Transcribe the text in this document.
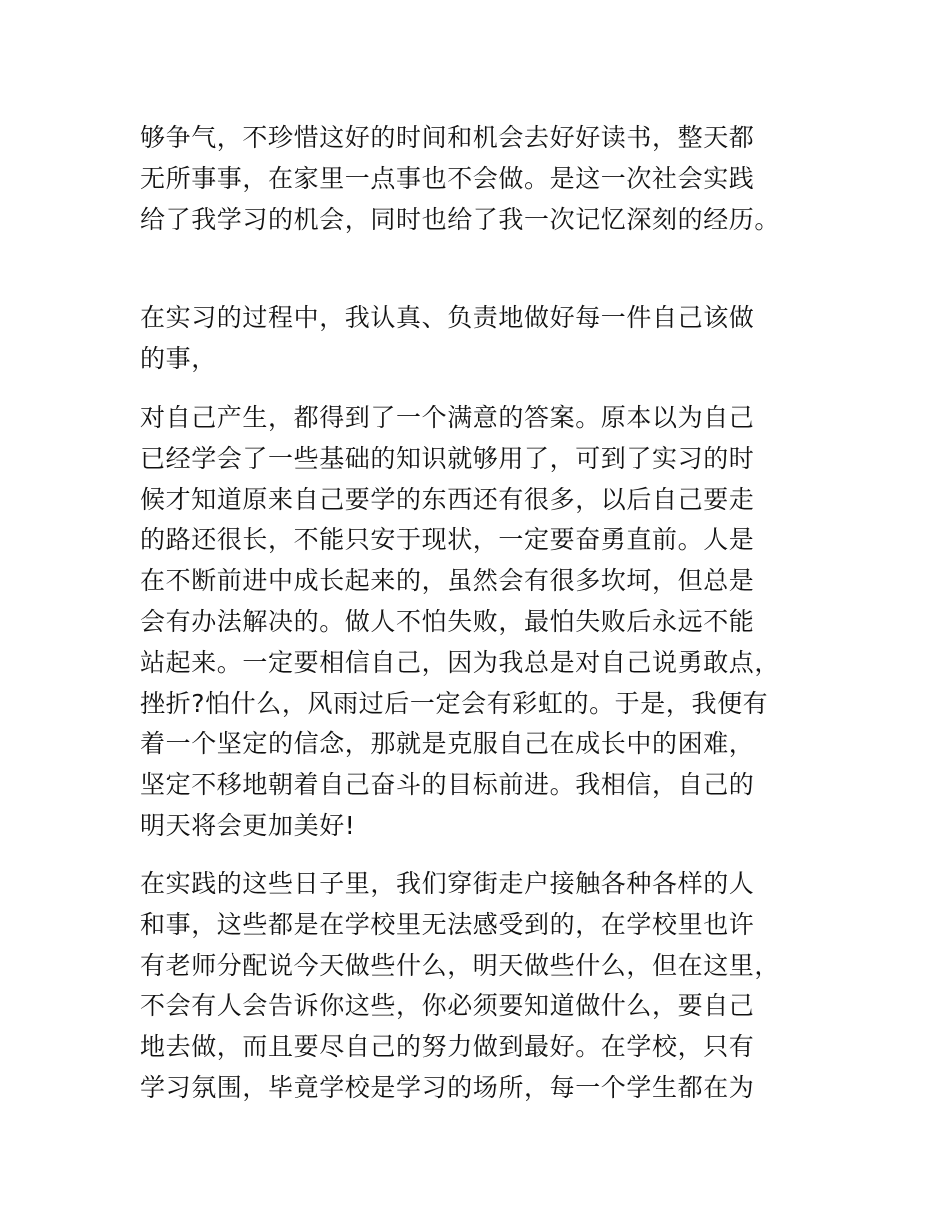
够争气，不珍惜这好的时间和机会去好好读书，整天都
无所事事，在家里一点事也不会做。是这一次社会实践
给了我学习的机会，同时也给了我一次记忆深刻的经历。
在实习的过程中，我认真、负责地做好每一件自己该做
的事，
对自己产生，都得到了一个满意的答案。原本以为自己
已经学会了一些基础的知识就够用了，可到了实习的时
候才知道原来自己要学的东西还有很多，以后自己要走
的路还很长，不能只安于现状，一定要奋勇直前。人是
在不断前进中成长起来的，虽然会有很多坎坷，但总是
会有办法解决的。做人不怕失败，最怕失败后永远不能
站起来。一定要相信自己，因为我总是对自己说勇敢点，
挫折?怕什么，风雨过后一定会有彩虹的。于是，我便有
着一个坚定的信念，那就是克服自己在成长中的困难，
坚定不移地朝着自己奋斗的目标前进。我相信，自己的
明天将会更加美好!
在实践的这些日子里，我们穿街走户接触各种各样的人
和事，这些都是在学校里无法感受到的，在学校里也许
有老师分配说今天做些什么，明天做些什么，但在这里，
不会有人会告诉你这些，你必须要知道做什么，要自己
地去做，而且要尽自己的努力做到最好。在学校，只有
学习氛围，毕竟学校是学习的场所，每一个学生都在为
